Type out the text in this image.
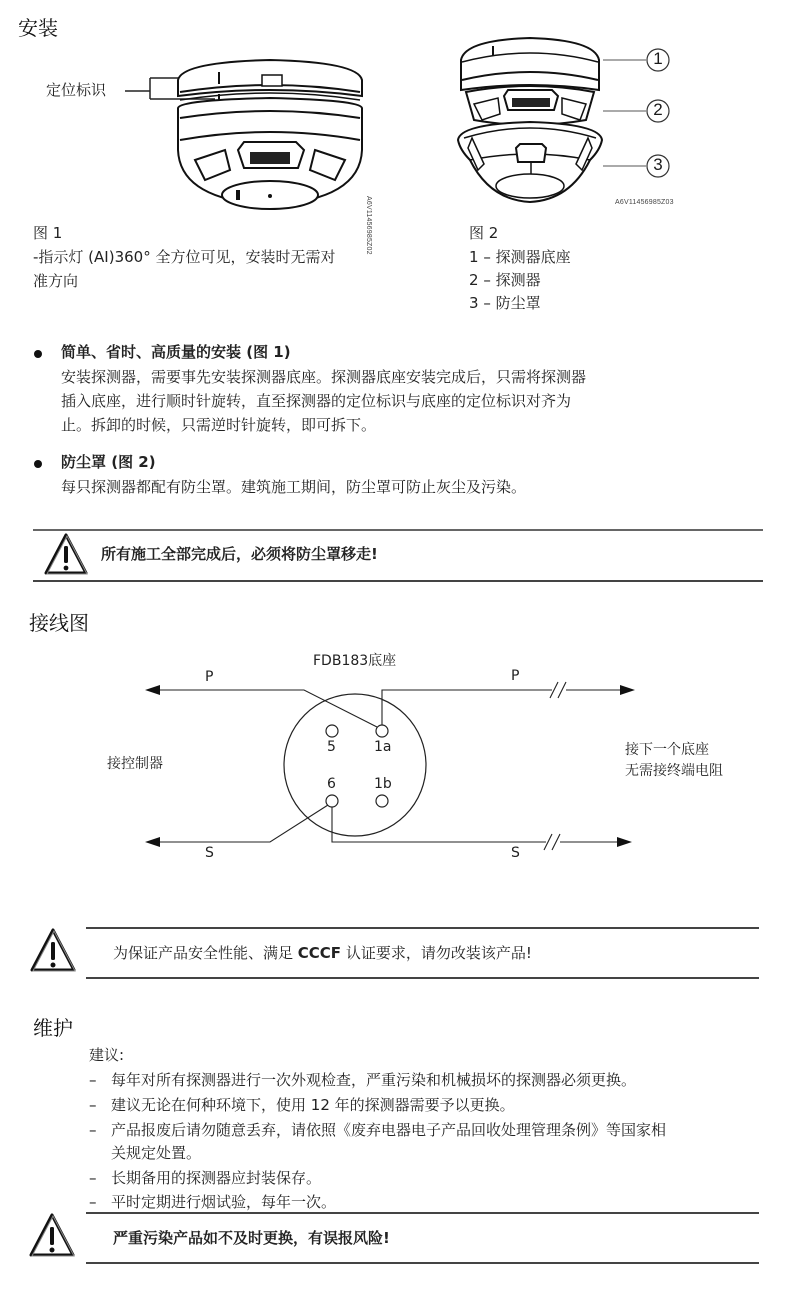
安装
定位标识
A6V11456985Z02
图 1
-指示灯 (AI)360° 全方位可见，安装时无需对
准方向
1
2
3
A6V11456985Z03
图 2
1 – 探测器底座
2 – 探测器
3 – 防尘罩
简单、省时、高质量的安装 (图 1)
安装探测器，需要事先安装探测器底座。探测器底座安装完成后，只需将探测器
插入底座，进行顺时针旋转，直至探测器的定位标识与底座的定位标识对齐为
止。拆卸的时候，只需逆时针旋转，即可拆下。
防尘罩 (图 2)
每只探测器都配有防尘罩。建筑施工期间，防尘罩可防止灰尘及污染。
所有施工全部完成后，必须将防尘罩移走!
接线图
FDB183底座
P	P
S	S
接控制器
接下一个底座
无需接终端电阻
5	1a
6	1b
为保证产品安全性能、满足 CCCF 认证要求，请勿改装该产品!
维护
建议:
– 每年对所有探测器进行一次外观检查，严重污染和机械损坏的探测器必须更换。
– 建议无论在何种环境下，使用 12 年的探测器需要予以更换。
– 产品报废后请勿随意丢弃，请依照《废弃电器电子产品回收处理管理条例》等国家相
关规定处置。
– 长期备用的探测器应封装保存。
– 平时定期进行烟试验，每年一次。
严重污染产品如不及时更换，有误报风险!
